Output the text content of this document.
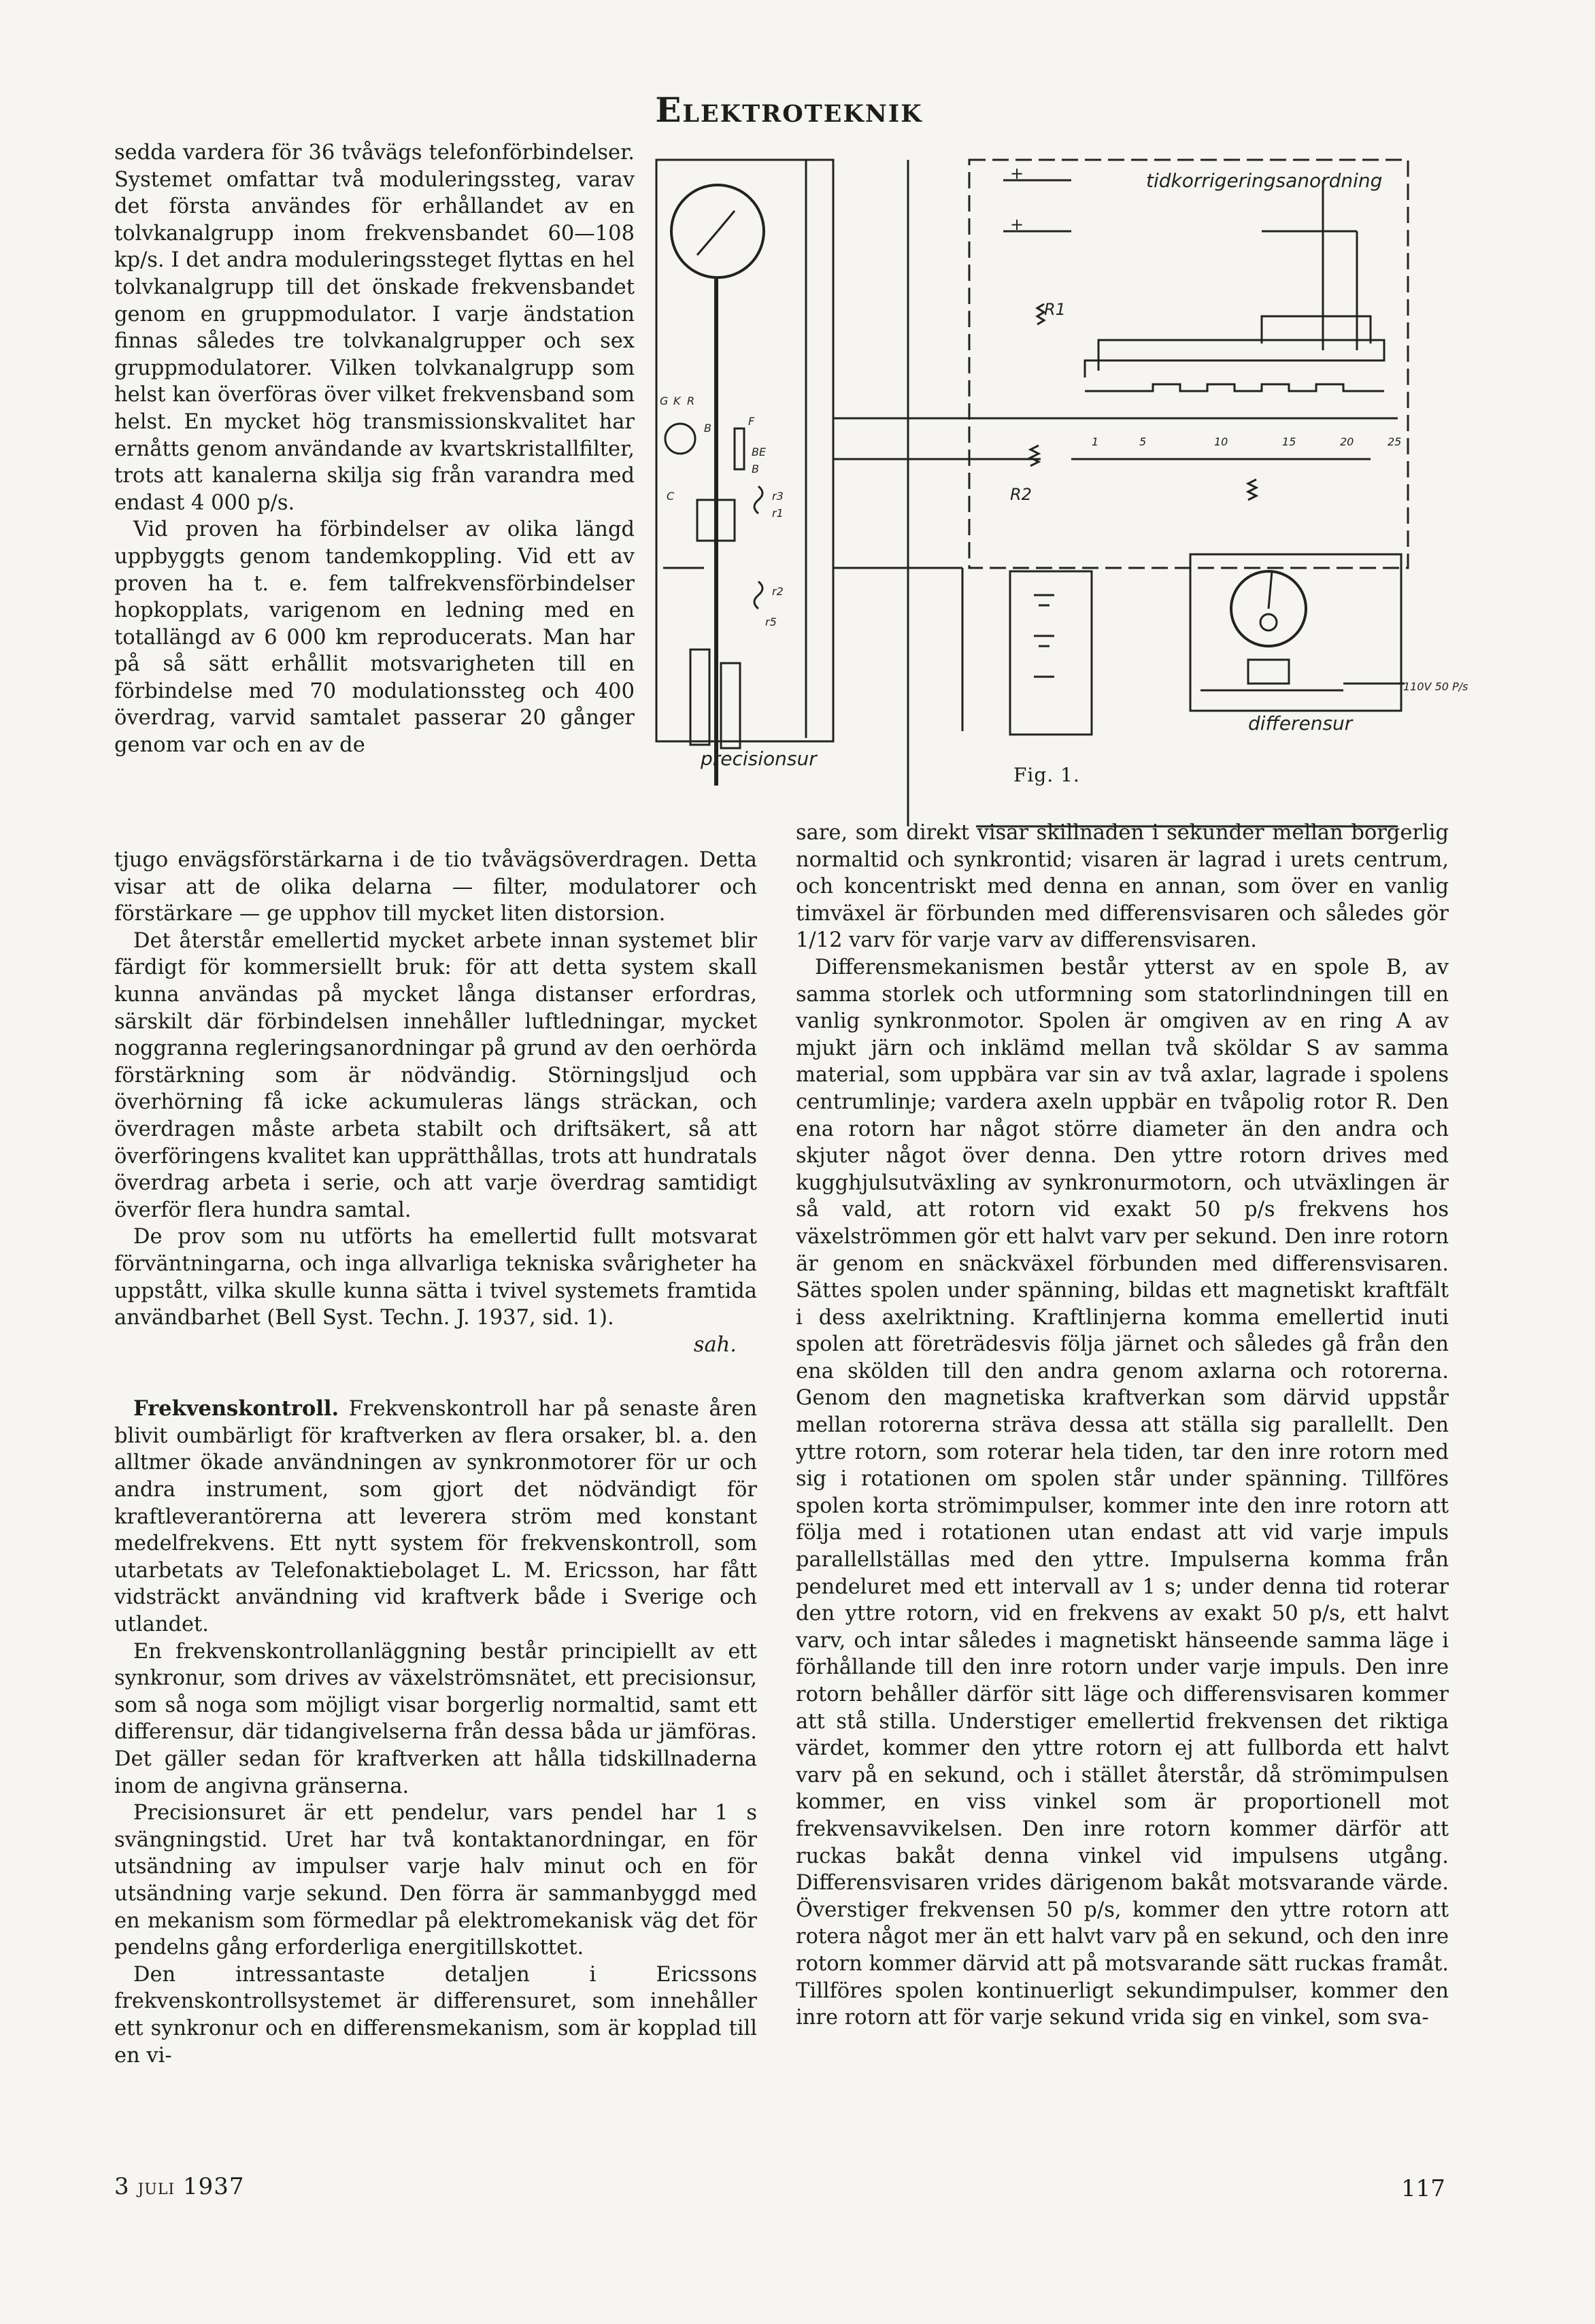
Elektroteknik
+
+
R1
R2
1	5	10	15	20	25
G K R
B
F
C
BE
B
r3
r1
r2
r5
tidkorrigeringsanordning
precisionsur
differensur
110V 50 P/s
Fig. 1.

sedda vardera för 36 tvåvägs telefonförbindelser. Systemet omfattar två moduleringssteg, varav det första användes för erhållandet av en tolvkanalgrupp inom frekvensbandet 60—108 kp/s. I det andra moduleringssteget flyttas en hel tolvkanalgrupp till det önskade frekvensbandet genom en gruppmodulator. I varje ändstation finnas således tre tolvkanalgrupper och sex gruppmodulatorer. Vilken tolvkanalgrupp som helst kan överföras över vilket frekvensband som helst. En mycket hög transmissionskvalitet har ernåtts genom användande av kvartskristallfilter, trots att kanalerna skilja sig från varandra med endast 4 000 p/s.

Vid proven ha förbindelser av olika längd uppbyggts genom tandemkoppling. Vid ett av proven ha t. e. fem talfrekvensförbindelser hopkopplats, varigenom en ledning med en totallängd av 6 000 km reproducerats. Man har på så sätt erhållit motsvarigheten till en förbindelse med 70 modulationssteg och 400 överdrag, varvid samtalet passerar 20 gånger genom var och en av de

tjugo envägsförstärkarna i de tio tvåvägsöverdragen. Detta visar att de olika delarna — filter, modulatorer och förstärkare — ge upphov till mycket liten distorsion.

Det återstår emellertid mycket arbete innan systemet blir färdigt för kommersiellt bruk: för att detta system skall kunna användas på mycket långa distanser erfordras, särskilt där förbindelsen innehåller luftledningar, mycket noggranna regleringsanordningar på grund av den oerhörda förstärkning som är nödvändig. Störningsljud och överhörning få icke ackumuleras längs sträckan, och överdragen måste arbeta stabilt och driftsäkert, så att överföringens kvalitet kan upprätthållas, trots att hundratals överdrag arbeta i serie, och att varje överdrag samtidigt överför flera hundra samtal.

De prov som nu utförts ha emellertid fullt motsvarat förväntningarna, och inga allvarliga tekniska svårigheter ha uppstått, vilka skulle kunna sätta i tvivel systemets framtida användbarhet (Bell Syst. Techn. J. 1937, sid. 1).

sah.

Frekvenskontroll. Frekvenskontroll har på senaste åren blivit oumbärligt för kraftverken av flera orsaker, bl. a. den alltmer ökade användningen av synkronmotorer för ur och andra instrument, som gjort det nödvändigt för kraftleverantörerna att leverera ström med konstant medelfrekvens. Ett nytt system för frekvenskontroll, som utarbetats av Telefonaktiebolaget L. M. Ericsson, har fått vidsträckt användning vid kraftverk både i Sverige och utlandet.

En frekvenskontrollanläggning består principiellt av ett synkronur, som drives av växelströmsnätet, ett precisionsur, som så noga som möjligt visar borgerlig normaltid, samt ett differensur, där tidangivelserna från dessa båda ur jämföras. Det gäller sedan för kraftverken att hålla tidskillnaderna inom de angivna gränserna.

Precisionsuret är ett pendelur, vars pendel har 1 s svängningstid. Uret har två kontaktanordningar, en för utsändning av impulser varje halv minut och en för utsändning varje sekund. Den förra är sammanbyggd med en mekanism som förmedlar på elektromekanisk väg det för pendelns gång erforderliga energitillskottet.

Den intressantaste detaljen i Ericssons frekvenskontrollsystemet är differensuret, som innehåller ett synkronur och en differensmekanism, som är kopplad till en vi-

sare, som direkt visar skillnaden i sekunder mellan borgerlig normaltid och synkrontid; visaren är lagrad i urets centrum, och koncentriskt med denna en annan, som över en vanlig timväxel är förbunden med differensvisaren och således gör 1/12 varv för varje varv av differensvisaren.

Differensmekanismen består ytterst av en spole B, av samma storlek och utformning som statorlindningen till en vanlig synkronmotor. Spolen är omgiven av en ring A av mjukt järn och inklämd mellan två sköldar S av samma material, som uppbära var sin av två axlar, lagrade i spolens centrumlinje; vardera axeln uppbär en tvåpolig rotor R. Den ena rotorn har något större diameter än den andra och skjuter något över denna. Den yttre rotorn drives med kugghjulsutväxling av synkronurmotorn, och utväxlingen är så vald, att rotorn vid exakt 50 p/s frekvens hos växelströmmen gör ett halvt varv per sekund. Den inre rotorn är genom en snäckväxel förbunden med differensvisaren. Sättes spolen under spänning, bildas ett magnetiskt kraftfält i dess axelriktning. Kraftlinjerna komma emellertid inuti spolen att företrädesvis följa järnet och således gå från den ena skölden till den andra genom axlarna och rotorerna. Genom den magnetiska kraftverkan som därvid uppstår mellan rotorerna sträva dessa att ställa sig parallellt. Den yttre rotorn, som roterar hela tiden, tar den inre rotorn med sig i rotationen om spolen står under spänning. Tillföres spolen korta strömimpulser, kommer inte den inre rotorn att följa med i rotationen utan endast att vid varje impuls parallellställas med den yttre. Impulserna komma från pendeluret med ett intervall av 1 s; under denna tid roterar den yttre rotorn, vid en frekvens av exakt 50 p/s, ett halvt varv, och intar således i magnetiskt hänseende samma läge i förhållande till den inre rotorn under varje impuls. Den inre rotorn behåller därför sitt läge och differensvisaren kommer att stå stilla. Understiger emellertid frekvensen det riktiga värdet, kommer den yttre rotorn ej att fullborda ett halvt varv på en sekund, och i stället återstår, då strömimpulsen kommer, en viss vinkel som är proportionell mot frekvensavvikelsen. Den inre rotorn kommer därför att ruckas bakåt denna vinkel vid impulsens utgång. Differensvisaren vrides därigenom bakåt motsvarande värde. Överstiger frekvensen 50 p/s, kommer den yttre rotorn att rotera något mer än ett halvt varv på en sekund, och den inre rotorn kommer därvid att på motsvarande sätt ruckas framåt. Tillföres spolen kontinuerligt sekundimpulser, kommer den inre rotorn att för varje sekund vrida sig en vinkel, som sva-

3 juli 1937	117
